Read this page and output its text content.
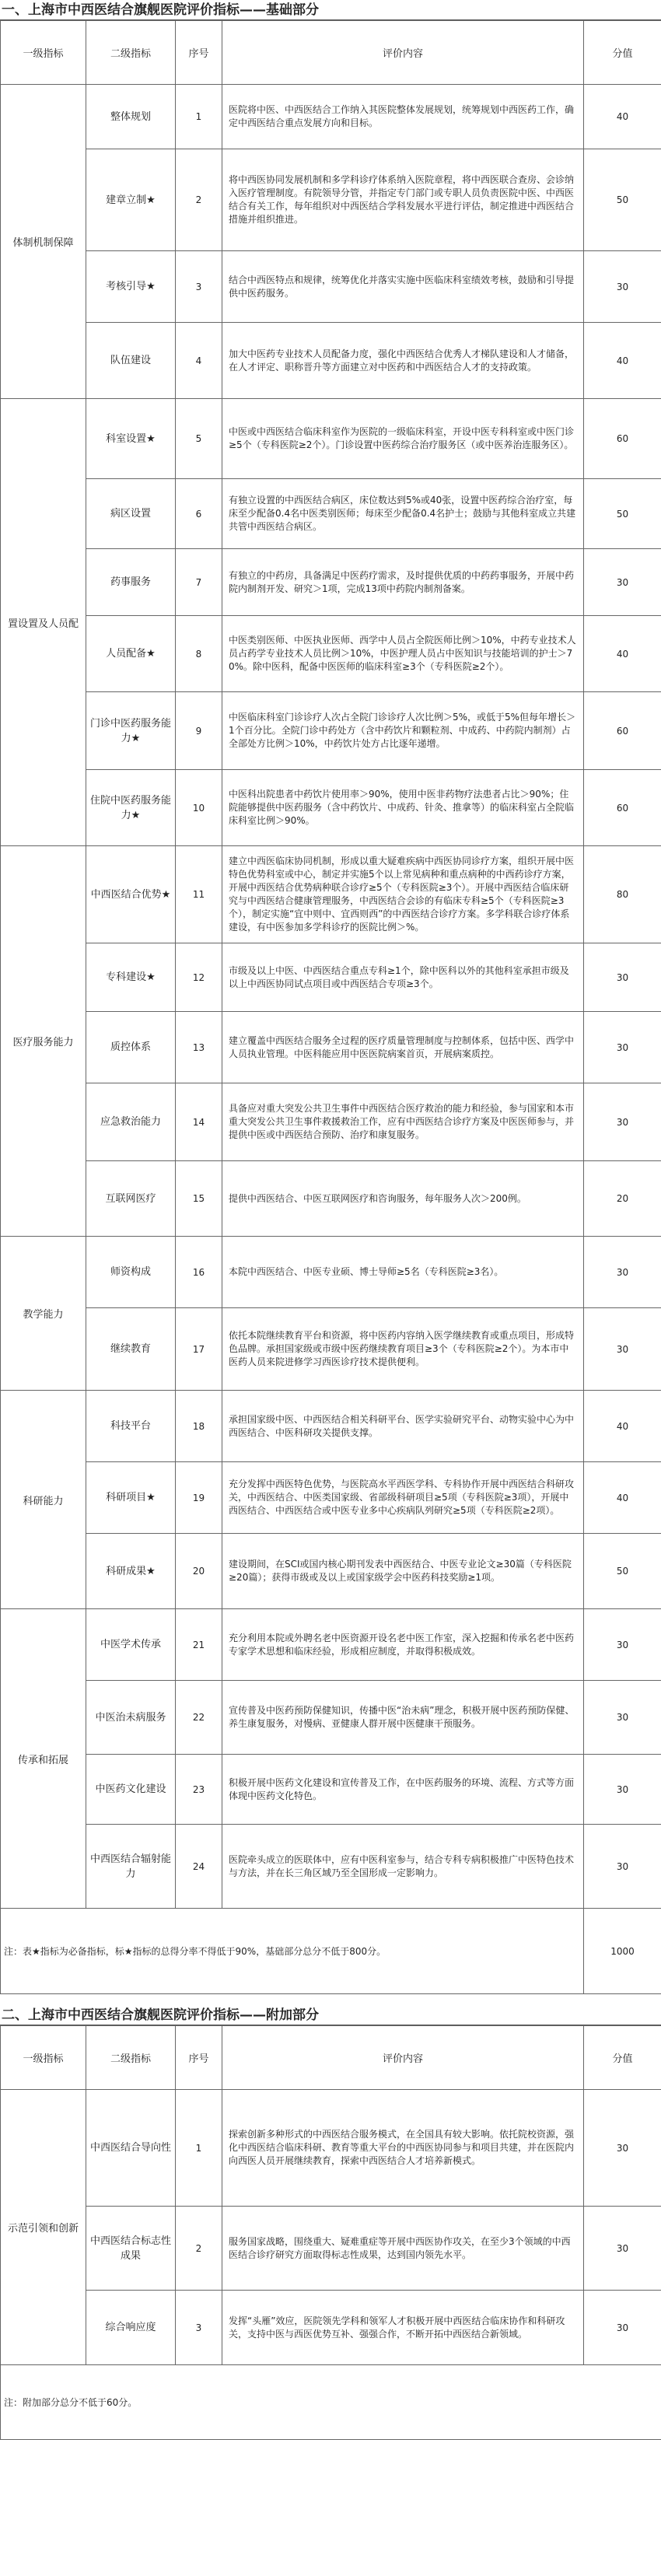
一、上海市中西医结合旗舰医院评价指标——基础部分
一级指标	二级指标	序号	评价内容	分值
体制机制保障	整体规划	1	医院将中医、中西医结合工作纳入其医院整体发展规划，统筹规划中西医药工作，确定中西医结合重点发展方向和目标。	40
	建章立制★	2	将中西医协同发展机制和多学科诊疗体系纳入医院章程，将中西医联合查房、会诊纳入医疗管理制度。有院领导分管，并指定专门部门或专职人员负责医院中医、中西医结合有关工作，每年组织对中西医结合学科发展水平进行评估，制定推进中西医结合措施并组织推进。	50
	考核引导★	3	结合中西医特点和规律，统筹优化并落实实施中医临床科室绩效考核，鼓励和引导提供中医药服务。	30
	队伍建设	4	加大中医药专业技术人员配备力度，强化中西医结合优秀人才梯队建设和人才储备，在人才评定、职称晋升等方面建立对中医药和中西医结合人才的支持政策。	40
置设置及人员配	科室设置★	5	中医或中西医结合临床科室作为医院的一级临床科室，开设中医专科科室或中医门诊≥5个（专科医院≥2个）。门诊设置中医药综合治疗服务区（或中医养治连服务区）。	60
	病区设置	6	有独立设置的中西医结合病区，床位数达到5%或40张，设置中医药综合治疗室，每床至少配备0.4名中医类别医师；每床至少配备0.4名护士；鼓励与其他科室成立共建共管中西医结合病区。	50
	药事服务	7	有独立的中药房，具备满足中医药疗需求，及时提供优质的中药药事服务，开展中药院内制剂开发、研究＞1项，完成13项中药院内制剂备案。	30
	人员配备★	8	中医类别医师、中医执业医师、西学中人员占全院医师比例＞10%，中药专业技术人员占药学专业技术人员比例＞10%，中医护理人员占中医知识与技能培训的护士＞70%。除中医科，配备中医医师的临床科室≥3个（专科医院≥2个）。	40
	门诊中医药服务能力★	9	中医临床科室门诊诊疗人次占全院门诊诊疗人次比例＞5%，或低于5%但每年增长＞1个百分比。全院门诊中药处方（含中药饮片和颗粒剂、中成药、中药院内制剂）占全部处方比例＞10%，中药饮片处方占比逐年递增。	60
	住院中医药服务能力★	10	中医科出院患者中药饮片使用率＞90%，使用中医非药物疗法患者占比＞90%；住院能够提供中医药服务（含中药饮片、中成药、针灸、推拿等）的临床科室占全院临床科室比例＞90%。	60
医疗服务能力	中西医结合优势★	11	建立中西医临床协同机制，形成以重大疑难疾病中西医协同诊疗方案，组织开展中医特色优势科室或中心，制定并实施5个以上常见病种和重点病种的中西药诊疗方案，开展中西医结合优势病种联合诊疗≥5个（专科医院≥3个）。开展中西医结合临床研究与中西医结合健康管理服务，中西医结合会诊的有临床专科≥5个（专科医院≥3个），制定实施“宜中则中、宜西则西”的中西医结合诊疗方案。多学科联合诊疗体系建设，有中医参加多学科诊疗的医院比例＞%。	80
	专科建设★	12	市级及以上中医、中西医结合重点专科≥1个，除中医科以外的其他科室承担市级及以上中西医协同试点项目或中西医结合专项≥3个。	30
	质控体系	13	建立覆盖中西医结合服务全过程的医疗质量管理制度与控制体系，包括中医、西学中人员执业管理。中医科能应用中医医院病案首页，开展病案质控。	30
	应急救治能力	14	具备应对重大突发公共卫生事件中西医结合医疗救治的能力和经验，参与国家和本市重大突发公共卫生事件救援救治工作，应有中西医结合诊疗方案及中医医师参与，并提供中医或中西医结合预防、治疗和康复服务。	30
	互联网医疗	15	提供中西医结合、中医互联网医疗和咨询服务，每年服务人次＞200例。	20
教学能力	师资构成	16	本院中西医结合、中医专业硕、博士导师≥5名（专科医院≥3名）。	30
	继续教育	17	依托本院继续教育平台和资源，将中医药内容纳入医学继续教育或重点项目，形成特色品牌。承担国家级或市级中医药继续教育项目≥3个（专科医院≥2个）。为本市中医药人员来院进修学习西医诊疗技术提供便利。	30
科研能力	科技平台	18	承担国家级中医、中西医结合相关科研平台、医学实验研究平台、动物实验中心为中西医结合、中医科研攻关提供支撑。	40
	科研项目★	19	充分发挥中西医特色优势，与医院高水平西医学科、专科协作开展中西医结合科研攻关，中西医结合、中医类国家级、省部级科研项目≥5项（专科医院≥3项），开展中西医结合、中西医结合或中医专业多中心疾病队列研究≥5项（专科医院≥2项）。	40
	科研成果★	20	建设期间，在SCI或国内核心期刊发表中西医结合、中医专业论文≥30篇（专科医院≥20篇）；获得市级或及以上或国家级学会中医药科技奖励≥1项。	50
传承和拓展	中医学术传承	21	充分利用本院或外聘名老中医资源开设名老中医工作室，深入挖掘和传承名老中医药专家学术思想和临床经验，形成相应制度，并取得积极成效。	30
	中医治未病服务	22	宣传普及中医药预防保健知识，传播中医“治未病”理念，积极开展中医药预防保健、养生康复服务，对慢病、亚健康人群开展中医健康干预服务。	30
	中医药文化建设	23	积极开展中医药文化建设和宣传普及工作，在中医药服务的环境、流程、方式等方面体现中医药文化特色。	30
	中西医结合辐射能力	24	医院牵头成立的医联体中，应有中医科室参与，结合专科专病积极推广中医特色技术与方法，并在长三角区域乃至全国形成一定影响力。	30
注：表★指标为必备指标，标★指标的总得分率不得低于90%，基础部分总分不低于800分。				1000
二、上海市中西医结合旗舰医院评价指标——附加部分
一级指标	二级指标	序号	评价内容	分值
示范引领和创新	中西医结合导向性	1	探索创新多种形式的中西医结合服务模式，在全国具有较大影响。依托院校资源，强化中西医结合临床科研、教育等重大平台的中西医协同参与和项目共建，并在医院内向西医人员开展继续教育，探索中西医结合人才培养新模式。	30
	中西医结合标志性成果	2	服务国家战略，围绕重大、疑难重症等开展中西医协作攻关，在至少3个领域的中西医结合诊疗研究方面取得标志性成果，达到国内领先水平。	30
	综合响应度	3	发挥“头雁”效应，医院领先学科和领军人才积极开展中西医结合临床协作和科研攻关，支持中医与西医优势互补、强强合作，不断开拓中西医结合新领域。	30
注：附加部分总分不低于60分。				
